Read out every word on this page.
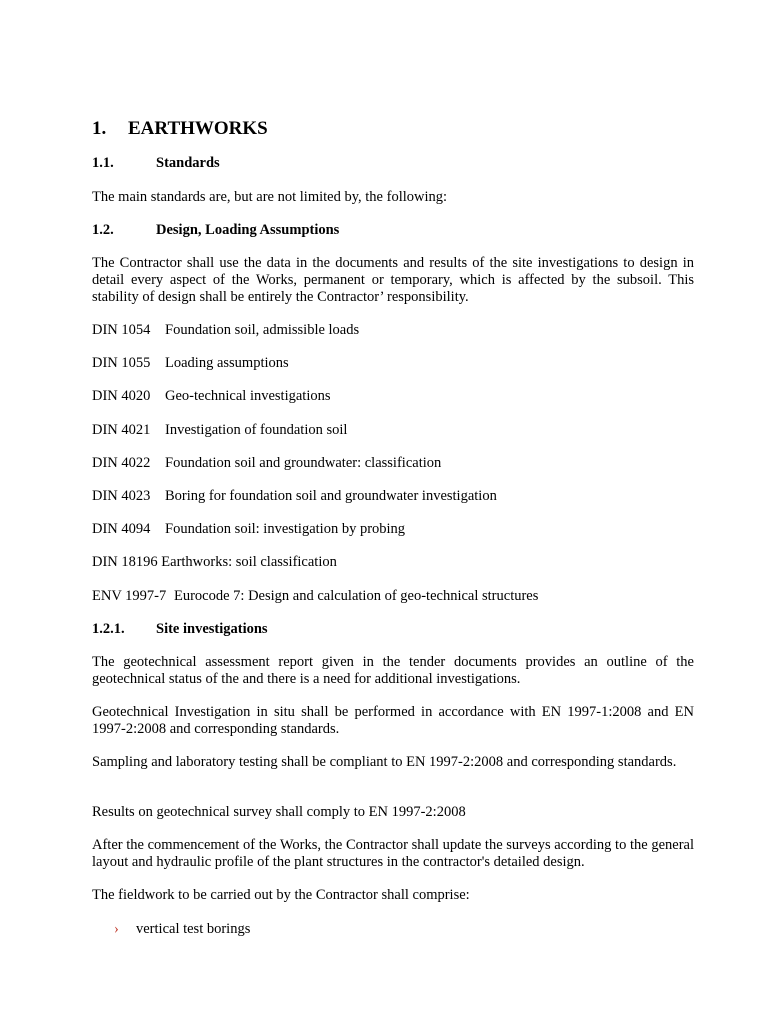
1. EARTHWORKS
1.1.	Standards
The main standards are, but are not limited by, the following:
1.2.	Design, Loading Assumptions
The Contractor shall use the data in the documents and results of the site investigations to design in detail every aspect of the Works, permanent or temporary, which is affected by the subsoil. This stability of design shall be entirely the Contractor’ responsibility.
DIN 1054 Foundation soil, admissible loads
DIN 1055 Loading assumptions
DIN 4020 Geo-technical investigations
DIN 4021 Investigation of foundation soil
DIN 4022 Foundation soil and groundwater: classification
DIN 4023 Boring for foundation soil and groundwater investigation
DIN 4094 Foundation soil: investigation by probing
DIN 18196 Earthworks: soil classification
ENV 1997-7 Eurocode 7: Design and calculation of geo-technical structures
1.2.1. Site investigations
The geotechnical assessment report given in the tender documents provides an outline of the geotechnical status of the and there is a need for additional investigations.
Geotechnical Investigation in situ shall be performed in accordance with EN 1997-1:2008 and EN 1997-2:2008 and corresponding standards.
Sampling and laboratory testing shall be compliant to EN 1997-2:2008 and corresponding standards.
Results on geotechnical survey shall comply to EN 1997-2:2008
After the commencement of the Works, the Contractor shall update the surveys according to the general layout and hydraulic profile of the plant structures in the contractor's detailed design.
The fieldwork to be carried out by the Contractor shall comprise:
› vertical test borings
